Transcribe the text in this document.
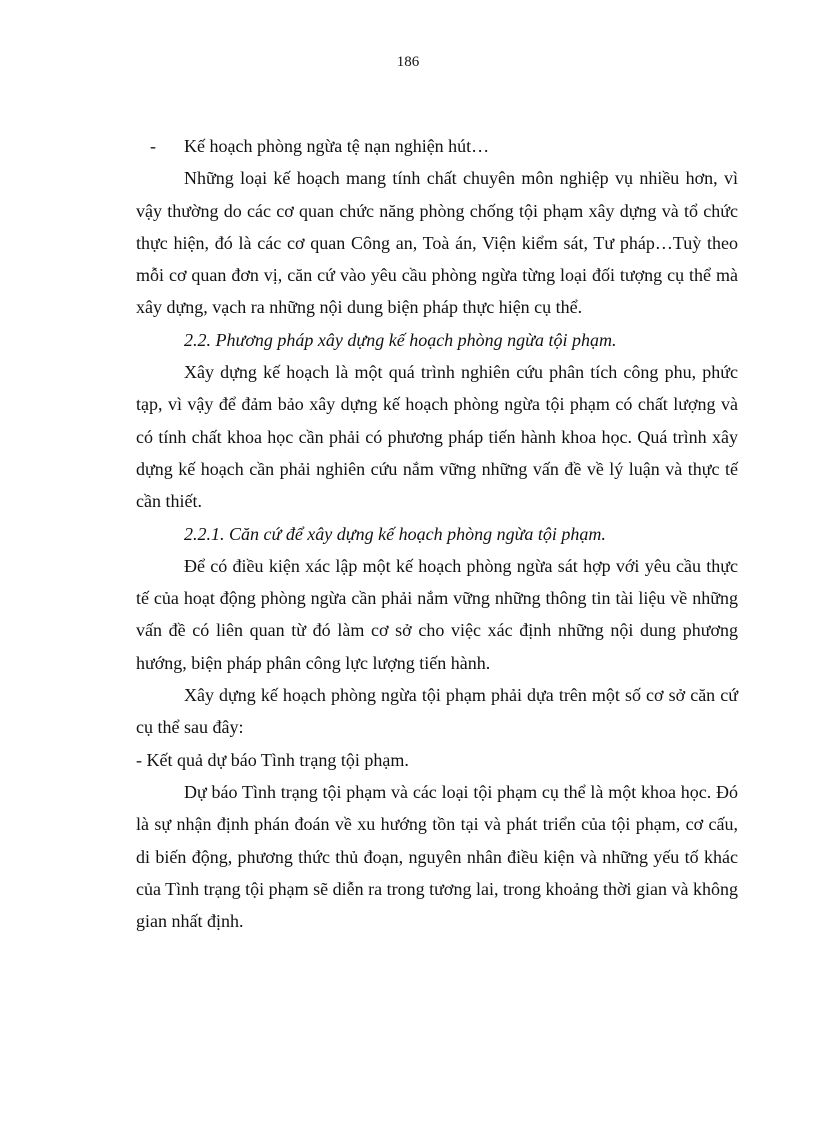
186

-	Kế hoạch phòng ngừa tệ nạn nghiện hút…

Những loại kế hoạch mang tính chất chuyên môn nghiệp vụ nhiều hơn, vì vậy thường do các cơ quan chức năng phòng chống tội phạm xây dựng và tổ chức thực hiện, đó là các cơ quan Công an, Toà án, Viện kiểm sát, Tư pháp…Tuỳ theo mỗi cơ quan đơn vị, căn cứ vào yêu cầu phòng ngừa từng loại đối tượng cụ thể mà xây dựng, vạch ra những nội dung biện pháp thực hiện cụ thể.

2.2. Phương pháp xây dựng kế hoạch phòng ngừa tội phạm.

Xây dựng kế hoạch là một quá trình nghiên cứu phân tích công phu, phức tạp, vì vậy để đảm bảo xây dựng kế hoạch phòng ngừa tội phạm có chất lượng và có tính chất khoa học cần phải có phương pháp tiến hành khoa học. Quá trình xây dựng kế hoạch cần phải nghiên cứu nắm vững những vấn đề về lý luận và thực tế cần thiết.

2.2.1. Căn cứ để xây dựng kế hoạch phòng ngừa tội phạm.

Để có điều kiện xác lập một kế hoạch phòng ngừa sát hợp với yêu cầu thực tế của hoạt động phòng ngừa cần phải nắm vững những thông tin tài liệu về những vấn đề có liên quan từ đó làm cơ sở cho việc xác định những nội dung phương hướng, biện pháp phân công lực lượng tiến hành.

Xây dựng kế hoạch phòng ngừa tội phạm phải dựa trên một số cơ sở căn cứ cụ thể sau đây:

- Kết quả dự báo Tình trạng tội phạm.

Dự báo Tình trạng tội phạm và các loại tội phạm cụ thể là một khoa học. Đó là sự nhận định phán đoán về xu hướng tồn tại và phát triển của tội phạm, cơ cấu, di biến động, phương thức thủ đoạn, nguyên nhân điều kiện và những yếu tố khác của Tình trạng tội phạm sẽ diễn ra trong tương lai, trong khoảng thời gian và không gian nhất định.
